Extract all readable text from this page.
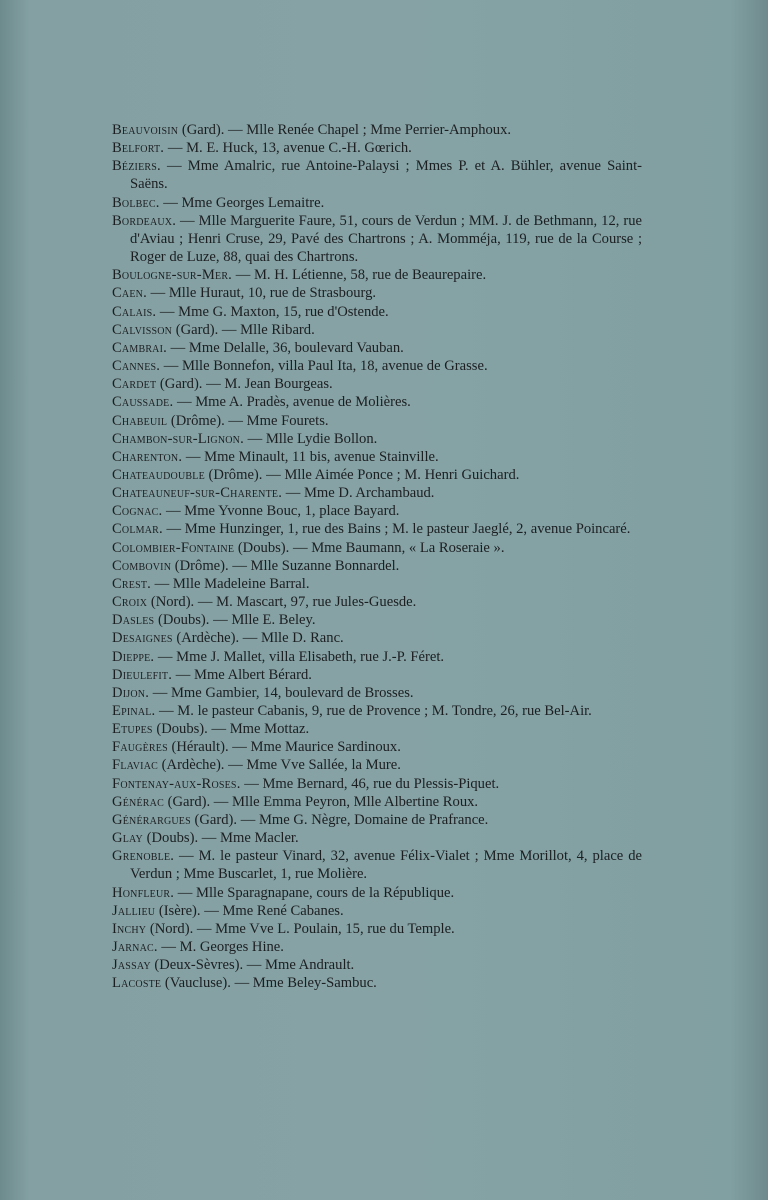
Beauvoisin (Gard). — Mlle Renée Chapel ; Mme Perrier-Amphoux.

Belfort. — M. E. Huck, 13, avenue C.-H. Gœrich.

Béziers. — Mme Amalric, rue Antoine-Palaysi ; Mmes P. et A. Bühler, avenue Saint-Saëns.

Bolbec. — Mme Georges Lemaitre.

Bordeaux. — Mlle Marguerite Faure, 51, cours de Verdun ; MM. J. de Bethmann, 12, rue d'Aviau ; Henri Cruse, 29, Pavé des Chartrons ; A. Momméja, 119, rue de la Course ; Roger de Luze, 88, quai des Chartrons.

Boulogne-sur-Mer. — M. H. Létienne, 58, rue de Beaurepaire.

Caen. — Mlle Huraut, 10, rue de Strasbourg.

Calais. — Mme G. Maxton, 15, rue d'Ostende.

Calvisson (Gard). — Mlle Ribard.

Cambrai. — Mme Delalle, 36, boulevard Vauban.

Cannes. — Mlle Bonnefon, villa Paul Ita, 18, avenue de Grasse.

Cardet (Gard). — M. Jean Bourgeas.

Caussade. — Mme A. Pradès, avenue de Molières.

Chabeuil (Drôme). — Mme Fourets.

Chambon-sur-Lignon. — Mlle Lydie Bollon.

Charenton. — Mme Minault, 11 bis, avenue Stainville.

Chateaudouble (Drôme). — Mlle Aimée Ponce ; M. Henri Guichard.

Chateauneuf-sur-Charente. — Mme D. Archambaud.

Cognac. — Mme Yvonne Bouc, 1, place Bayard.

Colmar. — Mme Hunzinger, 1, rue des Bains ; M. le pasteur Jaeglé, 2, avenue Poincaré.

Colombier-Fontaine (Doubs). — Mme Baumann, « La Roseraie ».

Combovin (Drôme). — Mlle Suzanne Bonnardel.

Crest. — Mlle Madeleine Barral.

Croix (Nord). — M. Mascart, 97, rue Jules-Guesde.

Dasles (Doubs). — Mlle E. Beley.

Desaignes (Ardèche). — Mlle D. Ranc.

Dieppe. — Mme J. Mallet, villa Elisabeth, rue J.-P. Féret.

Dieulefit. — Mme Albert Bérard.

Dijon. — Mme Gambier, 14, boulevard de Brosses.

Epinal. — M. le pasteur Cabanis, 9, rue de Provence ; M. Tondre, 26, rue Bel-Air.

Etupes (Doubs). — Mme Mottaz.

Faugères (Hérault). — Mme Maurice Sardinoux.

Flaviac (Ardèche). — Mme Vve Sallée, la Mure.

Fontenay-aux-Roses. — Mme Bernard, 46, rue du Plessis-Piquet.

Générac (Gard). — Mlle Emma Peyron, Mlle Albertine Roux.

Générargues (Gard). — Mme G. Nègre, Domaine de Prafrance.

Glay (Doubs). — Mme Macler.

Grenoble. — M. le pasteur Vinard, 32, avenue Félix-Vialet ; Mme Morillot, 4, place de Verdun ; Mme Buscarlet, 1, rue Molière.

Honfleur. — Mlle Sparagnapane, cours de la République.

Jallieu (Isère). — Mme René Cabanes.

Inchy (Nord). — Mme Vve L. Poulain, 15, rue du Temple.

Jarnac. — M. Georges Hine.

Jassay (Deux-Sèvres). — Mme Andrault.

Lacoste (Vaucluse). — Mme Beley-Sambuc.
